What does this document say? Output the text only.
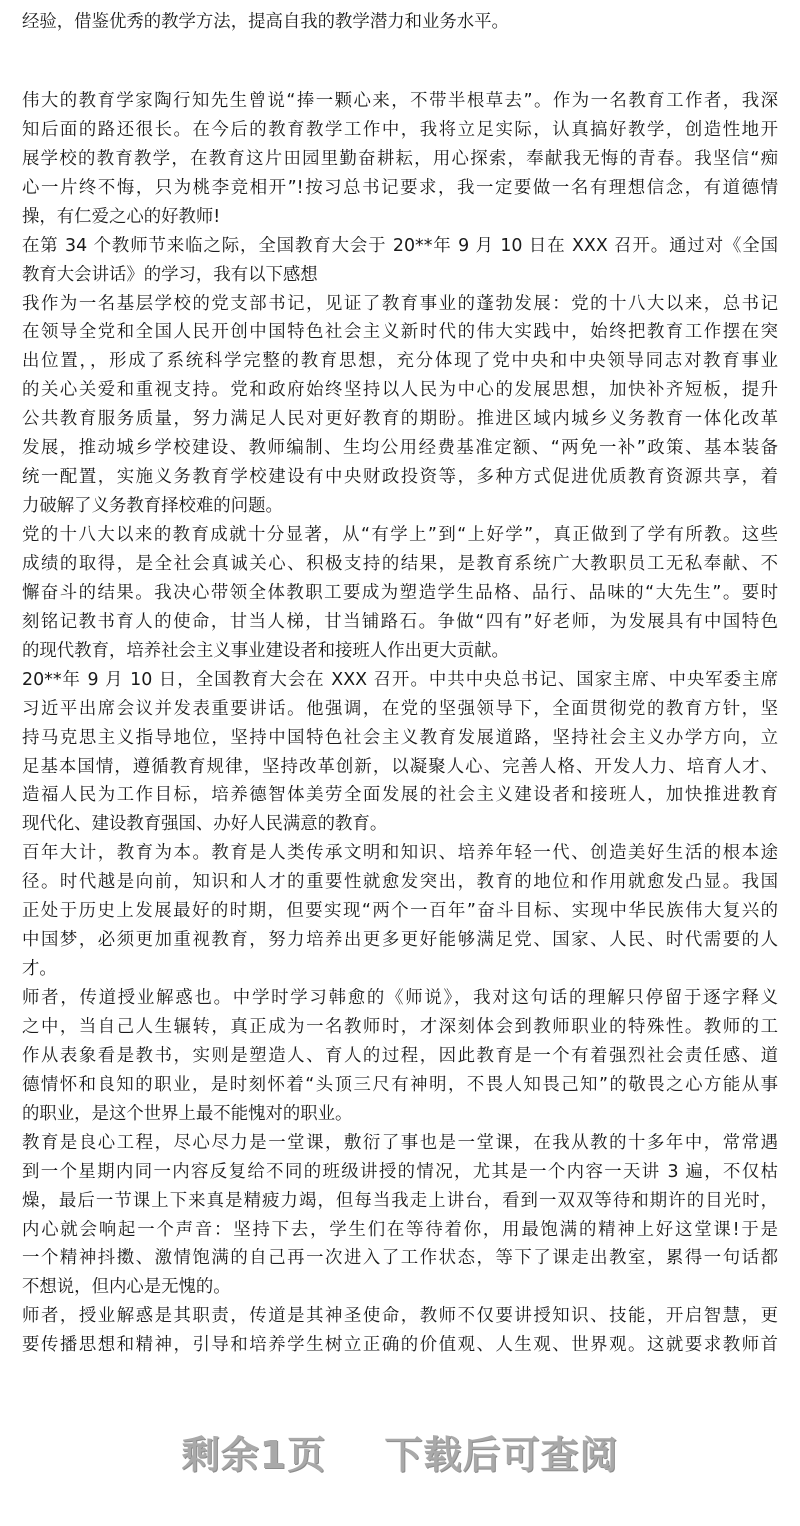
经验，借鉴优秀的教学方法，提高自我的教学潜力和业务水平。
伟大的教育学家陶行知先生曾说“捧一颗心来，不带半根草去”。作为一名教育工作者，我深
知后面的路还很长。在今后的教育教学工作中，我将立足实际，认真搞好教学，创造性地开
展学校的教育教学，在教育这片田园里勤奋耕耘，用心探索，奉献我无悔的青春。我坚信“痴
心一片终不悔，只为桃李竞相开”!按习总书记要求，我一定要做一名有理想信念，有道德情
操，有仁爱之心的好教师!
在第 34 个教师节来临之际，全国教育大会于 20**年 9 月 10 日在 XXX 召开。通过对《全国
教育大会讲话》的学习，我有以下感想
我作为一名基层学校的党支部书记，见证了教育事业的蓬勃发展：党的十八大以来，总书记
在领导全党和全国人民开创中国特色社会主义新时代的伟大实践中，始终把教育工作摆在突
出位置，，形成了系统科学完整的教育思想，充分体现了党中央和中央领导同志对教育事业
的关心关爱和重视支持。党和政府始终坚持以人民为中心的发展思想，加快补齐短板，提升
公共教育服务质量，努力满足人民对更好教育的期盼。推进区域内城乡义务教育一体化改革
发展，推动城乡学校建设、教师编制、生均公用经费基准定额、“两免一补”政策、基本装备
统一配置，实施义务教育学校建设有中央财政投资等，多种方式促进优质教育资源共享，着
力破解了义务教育择校难的问题。
党的十八大以来的教育成就十分显著，从“有学上”到“上好学”，真正做到了学有所教。这些
成绩的取得，是全社会真诚关心、积极支持的结果，是教育系统广大教职员工无私奉献、不
懈奋斗的结果。我决心带领全体教职工要成为塑造学生品格、品行、品味的“大先生”。要时
刻铭记教书育人的使命，甘当人梯，甘当铺路石。争做“四有”好老师，为发展具有中国特色
的现代教育，培养社会主义事业建设者和接班人作出更大贡献。
20**年 9 月 10 日，全国教育大会在 XXX 召开。中共中央总书记、国家主席、中央军委主席
习近平出席会议并发表重要讲话。他强调，在党的坚强领导下，全面贯彻党的教育方针，坚
持马克思主义指导地位，坚持中国特色社会主义教育发展道路，坚持社会主义办学方向，立
足基本国情，遵循教育规律，坚持改革创新，以凝聚人心、完善人格、开发人力、培育人才、
造福人民为工作目标，培养德智体美劳全面发展的社会主义建设者和接班人，加快推进教育
现代化、建设教育强国、办好人民满意的教育。
百年大计，教育为本。教育是人类传承文明和知识、培养年轻一代、创造美好生活的根本途
径。时代越是向前，知识和人才的重要性就愈发突出，教育的地位和作用就愈发凸显。我国
正处于历史上发展最好的时期，但要实现“两个一百年”奋斗目标、实现中华民族伟大复兴的
中国梦，必须更加重视教育，努力培养出更多更好能够满足党、国家、人民、时代需要的人
才。
师者，传道授业解惑也。中学时学习韩愈的《师说》，我对这句话的理解只停留于逐字释义
之中，当自己人生辗转，真正成为一名教师时，才深刻体会到教师职业的特殊性。教师的工
作从表象看是教书，实则是塑造人、育人的过程，因此教育是一个有着强烈社会责任感、道
德情怀和良知的职业，是时刻怀着“头顶三尺有神明，不畏人知畏己知”的敬畏之心方能从事
的职业，是这个世界上最不能愧对的职业。
教育是良心工程，尽心尽力是一堂课，敷衍了事也是一堂课，在我从教的十多年中，常常遇
到一个星期内同一内容反复给不同的班级讲授的情况，尤其是一个内容一天讲 3 遍，不仅枯
燥，最后一节课上下来真是精疲力竭，但每当我走上讲台，看到一双双等待和期许的目光时，
内心就会响起一个声音：坚持下去，学生们在等待着你，用最饱满的精神上好这堂课!于是
一个精神抖擞、激情饱满的自己再一次进入了工作状态，等下了课走出教室，累得一句话都
不想说，但内心是无愧的。
师者，授业解惑是其职责，传道是其神圣使命，教师不仅要讲授知识、技能，开启智慧，更
要传播思想和精神，引导和培养学生树立正确的价值观、人生观、世界观。这就要求教师首
剩余1页 下载后可查阅
